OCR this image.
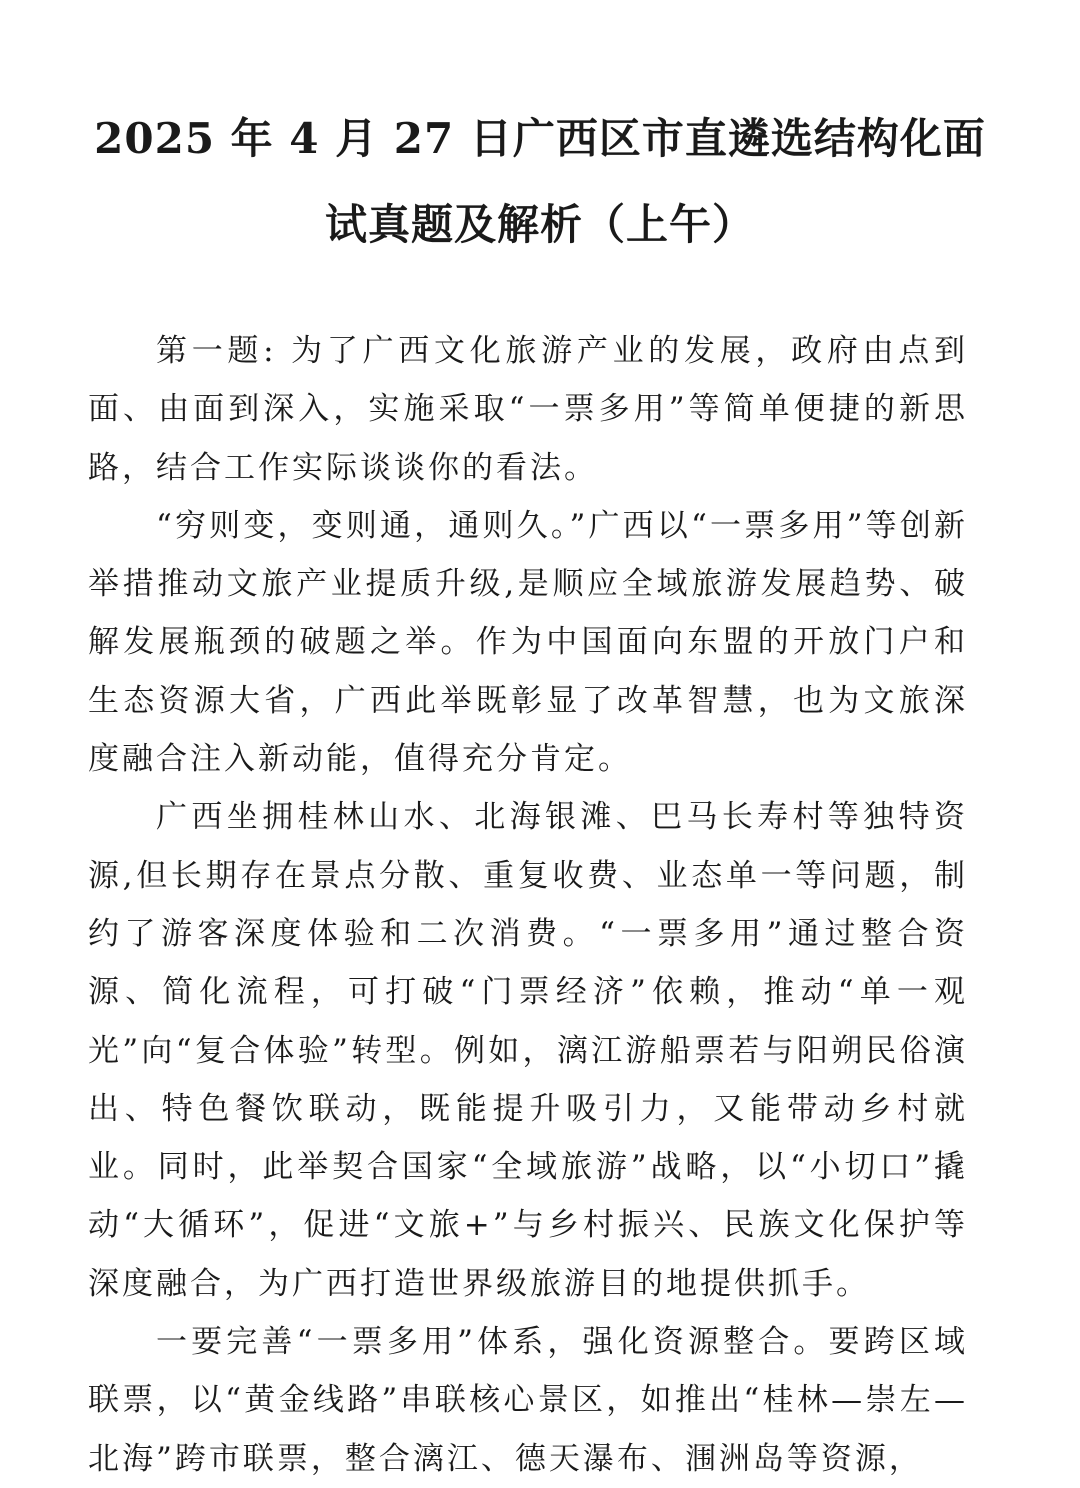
2025 年 4 月 27 日广西区市直遴选结构化面
试真题及解析（上午）

第一题: 为了广西文化旅游产业的发展，政府由点到面、由面到深入，实施采取“一票多用”等简单便捷的新思路，结合工作实际谈谈你的看法。

“穷则变，变则通，通则久。”广西以“一票多用”等创新举措推动文旅产业提质升级,是顺应全域旅游发展趋势、破解发展瓶颈的破题之举。作为中国面向东盟的开放门户和生态资源大省，广西此举既彰显了改革智慧，也为文旅深度融合注入新动能，值得充分肯定。

广西坐拥桂林山水、北海银滩、巴马长寿村等独特资源,但长期存在景点分散、重复收费、业态单一等问题，制约了游客深度体验和二次消费。“一票多用”通过整合资源、简化流程，可打破“门票经济”依赖，推动“单一观光”向“复合体验”转型。例如，漓江游船票若与阳朔民俗演出、特色餐饮联动，既能提升吸引力，又能带动乡村就业。同时，此举契合国家“全域旅游”战略，以“小切口”撬动“大循环”，促进“文旅+”与乡村振兴、民族文化保护等深度融合，为广西打造世界级旅游目的地提供抓手。

一要完善“一票多用”体系，强化资源整合。要跨区域联票，以“黄金线路”串联核心景区，如推出“桂林—崇左—北海”跨市联票，整合漓江、德天瀑布、涠洲岛等资源，
